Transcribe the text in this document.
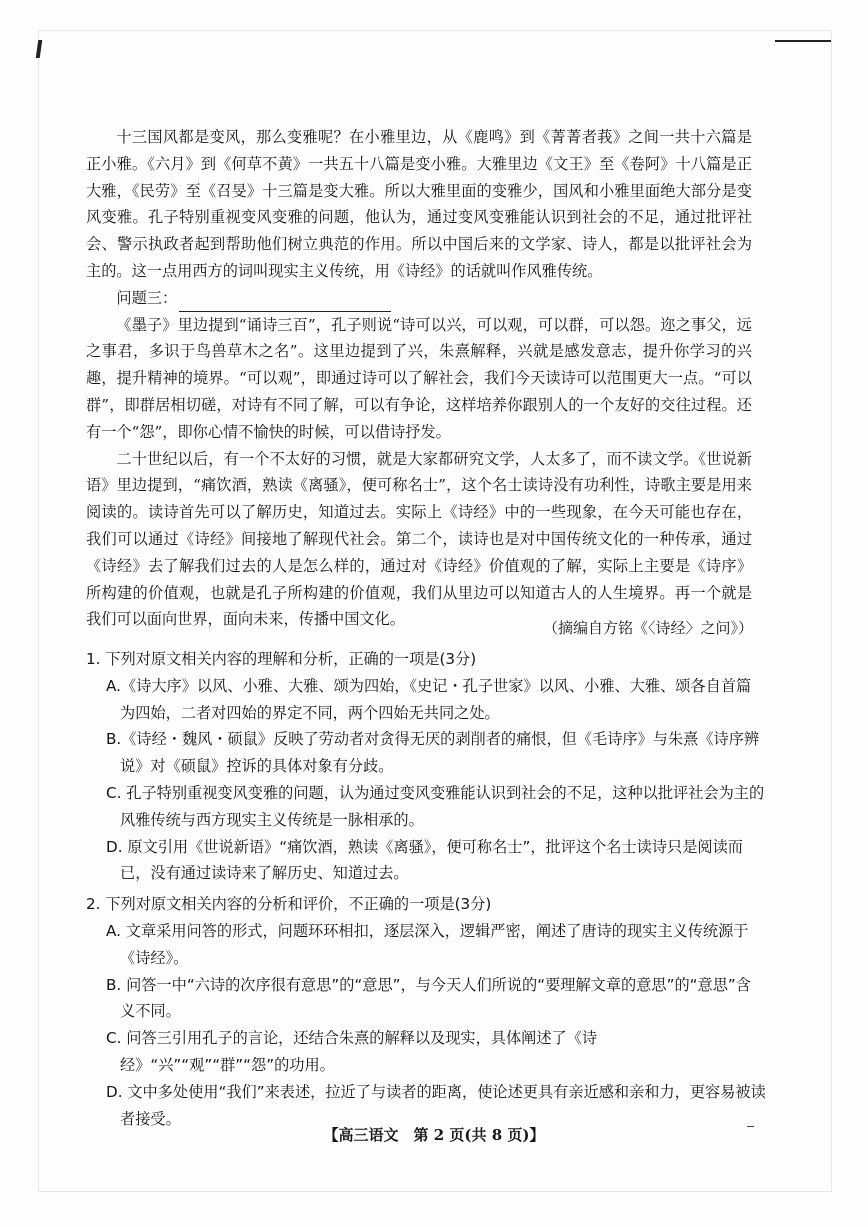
十三国风都是变风，那么变雅呢？在小雅里边，从《鹿鸣》到《菁菁者莪》之间一共十六篇是正小雅。《六月》到《何草不黄》一共五十八篇是变小雅。大雅里边《文王》至《卷阿》十八篇是正大雅，《民劳》至《召旻》十三篇是变大雅。所以大雅里面的变雅少，国风和小雅里面绝大部分是变风变雅。孔子特别重视变风变雅的问题，他认为，通过变风变雅能认识到社会的不足，通过批评社会、警示执政者起到帮助他们树立典范的作用。所以中国后来的文学家、诗人，都是以批评社会为主的。这一点用西方的词叫现实主义传统，用《诗经》的话就叫作风雅传统。

问题三：

《墨子》里边提到“诵诗三百”，孔子则说“诗可以兴，可以观，可以群，可以怨。迩之事父，远之事君，多识于鸟兽草木之名”。这里边提到了兴，朱熹解释，兴就是感发意志，提升你学习的兴趣，提升精神的境界。“可以观”，即通过诗可以了解社会，我们今天读诗可以范围更大一点。“可以群”，即群居相切磋，对诗有不同了解，可以有争论，这样培养你跟别人的一个友好的交往过程。还有一个“怨”，即你心情不愉快的时候，可以借诗抒发。

二十世纪以后，有一个不太好的习惯，就是大家都研究文学，人太多了，而不读文学。《世说新语》里边提到，“痛饮酒，熟读《离骚》，便可称名士”，这个名士读诗没有功利性，诗歌主要是用来阅读的。读诗首先可以了解历史，知道过去。实际上《诗经》中的一些现象，在今天可能也存在，我们可以通过《诗经》间接地了解现代社会。第二个，读诗也是对中国传统文化的一种传承，通过《诗经》去了解我们过去的人是怎么样的，通过对《诗经》价值观的了解，实际上主要是《诗序》所构建的价值观，也就是孔子所构建的价值观，我们从里边可以知道古人的人生境界。再一个就是我们可以面向世界，面向未来，传播中国文化。	（摘编自方铭《〈诗经〉之问》）

1. 下列对原文相关内容的理解和分析，正确的一项是(3分)

A.《诗大序》以风、小雅、大雅、颂为四始，《史记・孔子世家》以风、小雅、大雅、颂各自首篇为四始，二者对四始的界定不同，两个四始无共同之处。

B.《诗经・魏风・硕鼠》反映了劳动者对贪得无厌的剥削者的痛恨，但《毛诗序》与朱熹《诗序辨说》对《硕鼠》控诉的具体对象有分歧。

C. 孔子特别重视变风变雅的问题，认为通过变风变雅能认识到社会的不足，这种以批评社会为主的风雅传统与西方现实主义传统是一脉相承的。

D. 原文引用《世说新语》“痛饮酒，熟读《离骚》，便可称名士”，批评这个名士读诗只是阅读而已，没有通过读诗来了解历史、知道过去。

2. 下列对原文相关内容的分析和评价，不正确的一项是(3分)

A. 文章采用问答的形式，问题环环相扣，逐层深入，逻辑严密，阐述了唐诗的现实主义传统源于《诗经》。

B. 问答一中“六诗的次序很有意思”的“意思”，与今天人们所说的“要理解文章的意思”的“意思”含义不同。

C. 问答三引用孔子的言论，还结合朱熹的解释以及现实，具体阐述了《诗经》“兴”“观”“群”“怨”的功用。

D. 文中多处使用“我们”来表述，拉近了与读者的距离，使论述更具有亲近感和亲和力，更容易被读者接受。

【高三语文　第 2 页(共 8 页)】
